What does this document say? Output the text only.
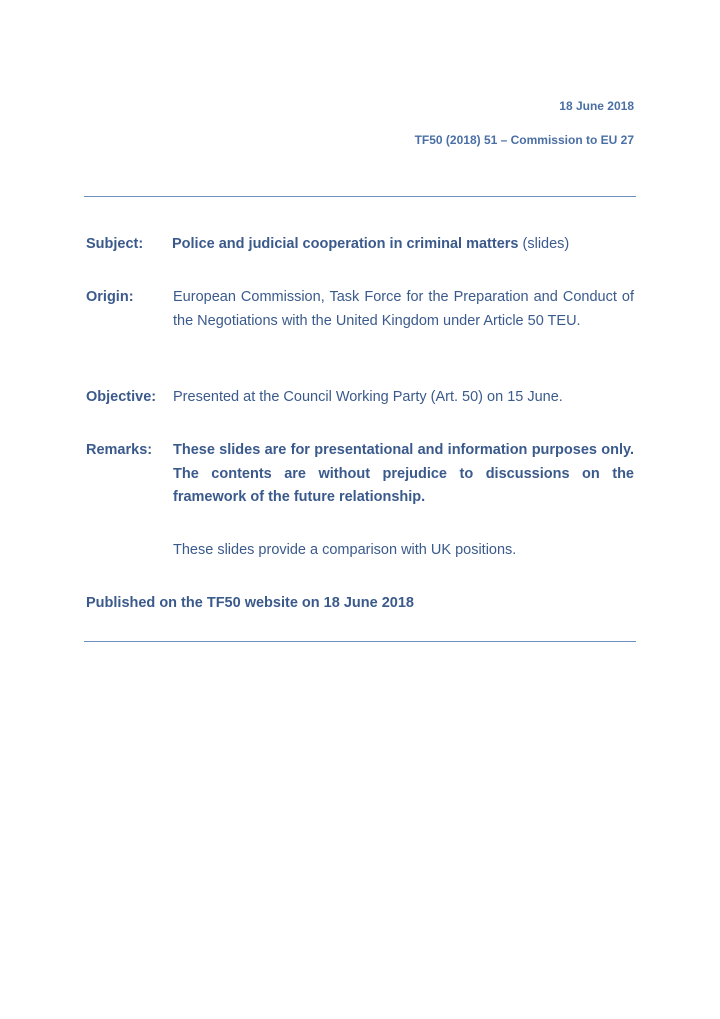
18 June 2018
TF50 (2018) 51 – Commission to EU 27
Subject: Police and judicial cooperation in criminal matters (slides)
Origin:	European Commission, Task Force for the Preparation and Conduct of the Negotiations with the United Kingdom under Article 50 TEU.
Objective: Presented at the Council Working Party (Art. 50) on 15 June.
Remarks: These slides are for presentational and information purposes only. The contents are without prejudice to discussions on the framework of the future relationship.
These slides provide a comparison with UK positions.
Published on the TF50 website on 18 June 2018
